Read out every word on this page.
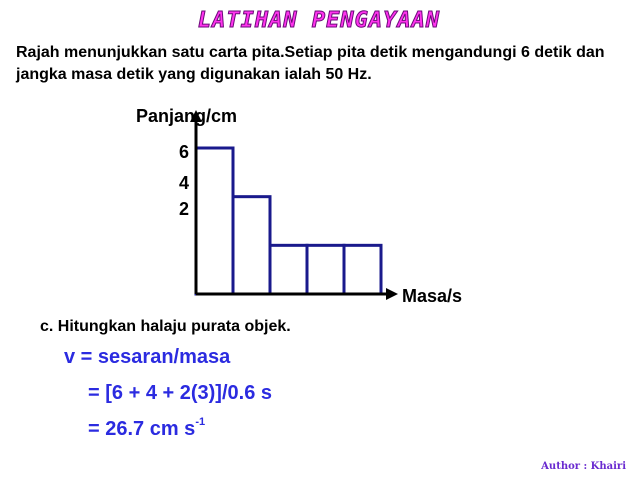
LATIHAN PENGAYAAN
Rajah menunjukkan satu carta pita.Setiap pita detik mengandungi 6 detik dan jangka masa detik yang digunakan ialah 50 Hz.
Panjang/cm
Masa/s
6
4
2
c. Hitungkan halaju purata objek.
v = sesaran/masa
= [6 + 4 + 2(3)]/0.6 s
= 26.7 cm $s^{-1}$
Author : Khairi
